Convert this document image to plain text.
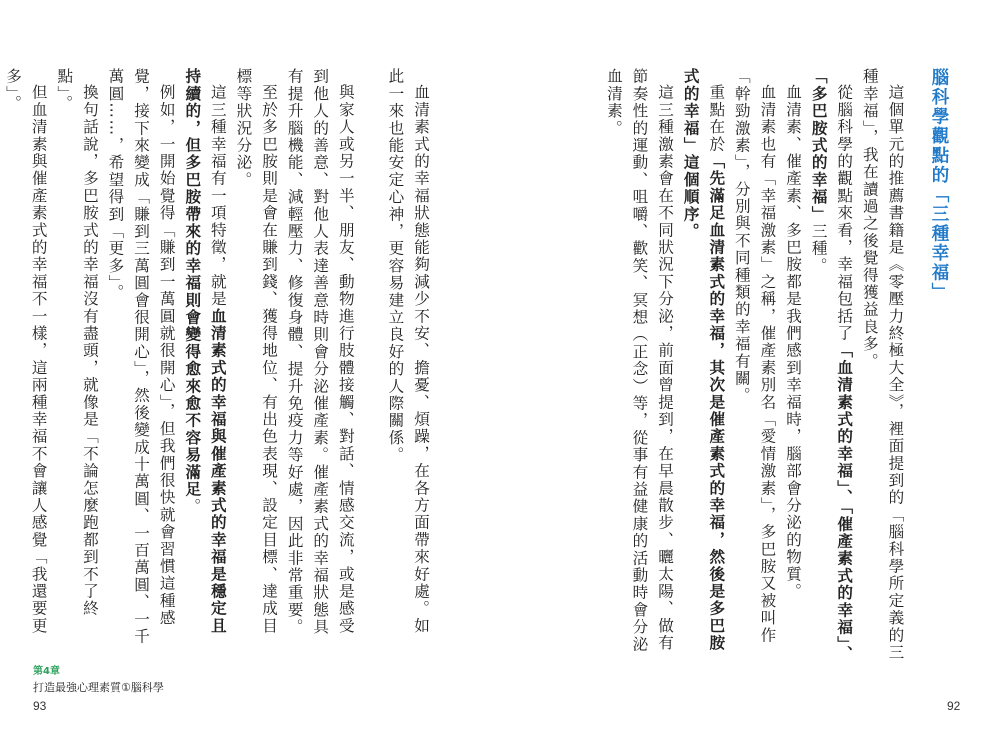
腦科學觀點的「三種幸福」

這個單元的推薦書籍是《零壓力終極大全》，裡面提到的「腦科學所定義的三種幸福」，我在讀過之後覺得獲益良多。

從腦科學的觀點來看，幸福包括了「血清素式的幸福」、「催產素式的幸福」、「多巴胺式的幸福」三種。

血清素、催產素、多巴胺都是我們感到幸福時，腦部會分泌的物質。

血清素也有「幸福激素」之稱，催產素別名「愛情激素」，多巴胺又被叫作「幹勁激素」，分別與不同種類的幸福有關。

重點在於「先滿足血清素式的幸福，其次是催產素式的幸福，然後是多巴胺式的幸福」這個順序。

這三種激素會在不同狀況下分泌，前面曾提到，在早晨散步、曬太陽、做有節奏性的運動、咀嚼、歡笑、冥想（正念）等，從事有益健康的活動時會分泌血清素。

血清素式的幸福狀態能夠減少不安、擔憂、煩躁，在各方面帶來好處。如此一來也能安定心神，更容易建立良好的人際關係。

與家人或另一半、朋友、動物進行肢體接觸、對話、情感交流，或是感受到他人的善意、對他人表達善意時則會分泌催產素。催產素式的幸福狀態具有提升腦機能、減輕壓力、修復身體、提升免疫力等好處，因此非常重要。

至於多巴胺則是會在賺到錢、獲得地位、有出色表現、設定目標、達成目標等狀況分泌。

這三種幸福有一項特徵，就是血清素式的幸福與催產素式的幸福是穩定且持續的，但多巴胺帶來的幸福則會變得愈來愈不容易滿足。

例如，一開始覺得「賺到一萬圓就很開心」，但我們很快就會習慣這種感覺，接下來變成「賺到三萬圓會很開心」，然後變成十萬圓、一百萬圓、一千萬圓……，希望得到「更多」。

換句話說，多巴胺式的幸福沒有盡頭，就像是「不論怎麼跑都到不了終點」。

但血清素與催產素式的幸福不一樣，這兩種幸福不會讓人感覺「我還要更多」。

第4章
打造最強心理素質①腦科學
93	92
